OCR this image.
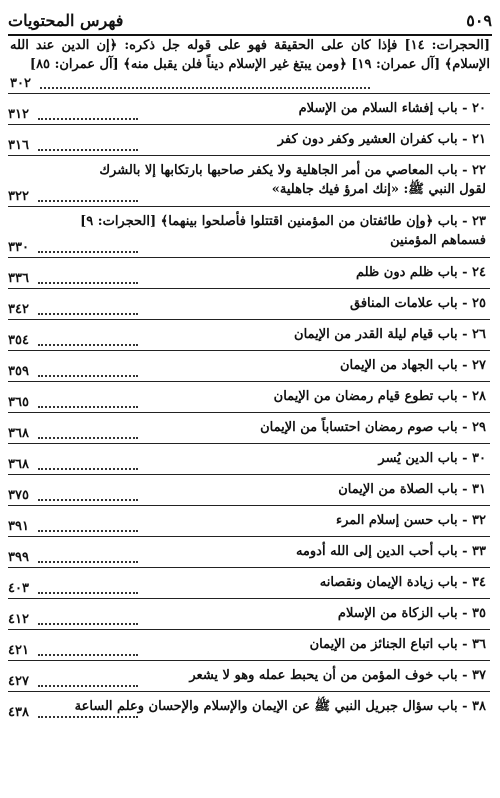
فهرس المحتويات	٥٠٩
[الحجرات: ١٤] فإذا كان على الحقيقة فهو على قوله جل ذكره: ﴿إن الدين عند الله الإسلام﴾ [آل عمران: ١٩] ﴿ومن يبتغ غير الإسلام ديناً فلن يقبل منه﴾ [آل عمران: ٨٥]
٣٠٢
٢٠ - باب إفشاء السلام من الإسلام
٣١٢
٢١ - باب كفران العشير وكفر دون كفر
٣١٦
٢٢ - باب المعاصي من أمر الجاهلية ولا يكفر صاحبها بارتكابها إلا بالشرك لقول النبي ﷺ: «إنك امرؤ فيك جاهلية»
٣٢٢
٢٣ - باب ﴿وإن طائفتان من المؤمنين اقتتلوا فأصلحوا بينهما﴾ [الحجرات: ٩] فسماهم المؤمنين
٣٣٠
٢٤ - باب ظلم دون ظلم
٣٣٦
٢٥ - باب علامات المنافق
٣٤٢
٢٦ - باب قيام ليلة القدر من الإيمان
٣٥٤
٢٧ - باب الجهاد من الإيمان
٣٥٩
٢٨ - باب تطوع قيام رمضان من الإيمان
٣٦٥
٢٩ - باب صوم رمضان احتساباً من الإيمان
٣٦٨
٣٠ - باب الدين يُسر
٣٦٨
٣١ - باب الصلاة من الإيمان
٣٧٥
٣٢ - باب حسن إسلام المرء
٣٩١
٣٣ - باب أحب الدين إلى الله أدومه
٣٩٩
٣٤ - باب زيادة الإيمان ونقصانه
٤٠٣
٣٥ - باب الزكاة من الإسلام
٤١٢
٣٦ - باب اتباع الجنائز من الإيمان
٤٢١
٣٧ - باب خوف المؤمن من أن يحبط عمله وهو لا يشعر
٤٢٧
٣٨ - باب سؤال جبريل النبي ﷺ عن الإيمان والإسلام والإحسان وعلم الساعة
٤٣٨
